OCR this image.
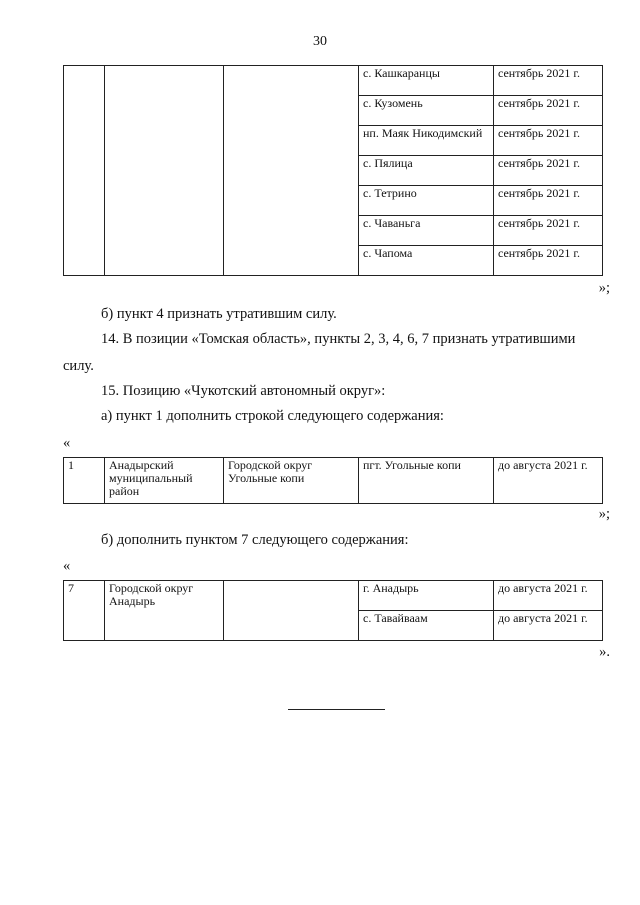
30
			с. Кашкаранцы	сентябрь 2021 г.
			с. Кузомень	сентябрь 2021 г.
			нп. Маяк Никодимский	сентябрь 2021 г.
			с. Пялица	сентябрь 2021 г.
			с. Тетрино	сентябрь 2021 г.
			с. Чаваньга	сентябрь 2021 г.
			с. Чапома	сентябрь 2021 г.
»;
б) пункт 4 признать утратившим силу.
14. В позиции «Томская область», пункты 2, 3, 4, 6, 7 признать утратившими
силу.
15. Позицию «Чукотский автономный округ»:
а) пункт 1 дополнить строкой следующего содержания:
«
1	Анадырский муниципальный район	Городской округ Угольные копи	пгт. Угольные копи	до августа 2021 г.
»;
б) дополнить пунктом 7 следующего содержания:
«
7	Городской округ Анадырь		г. Анадырь	до августа 2021 г.
			с. Тавайваам	до августа 2021 г.
».
